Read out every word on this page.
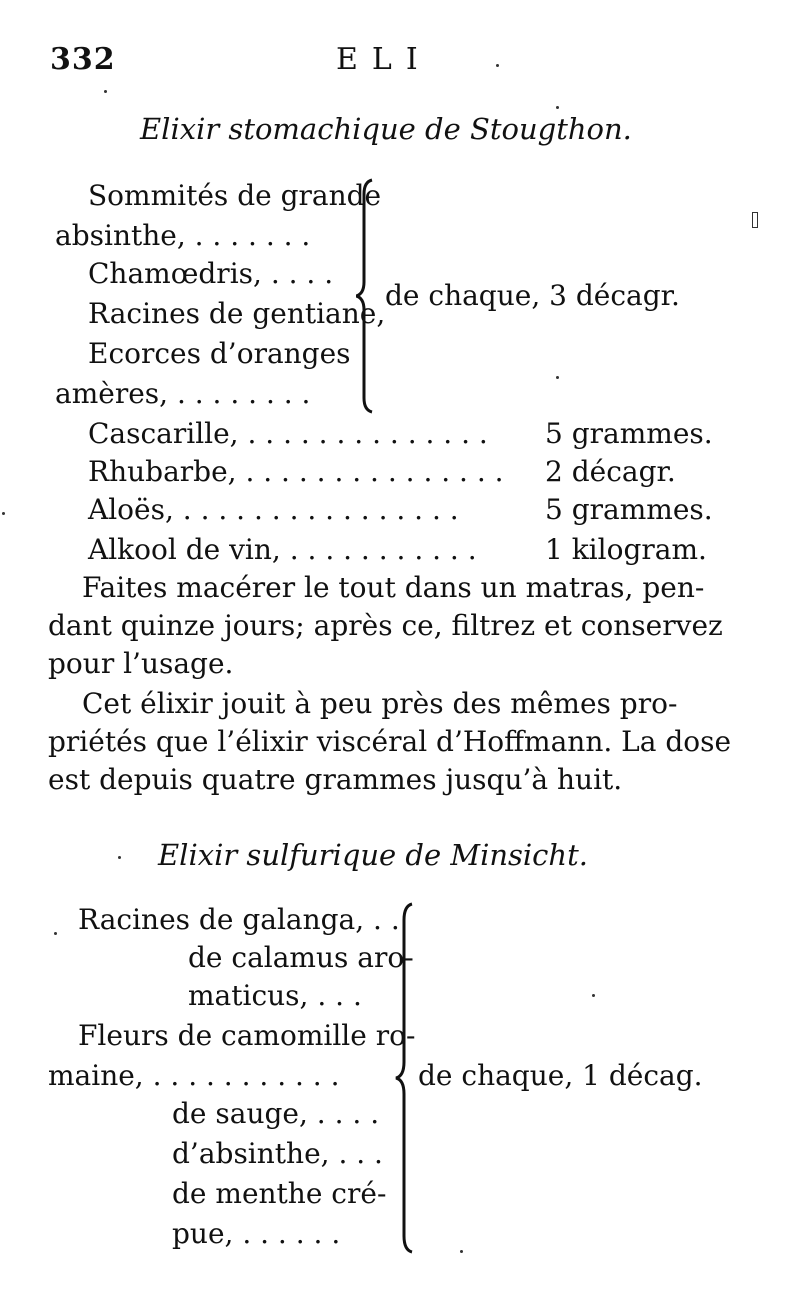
332	ELI
Elixir stomachique de Stougthon.
Sommités de grande
absinthe, . . . . . . .
Chamœdris, . . . .
Racines de gentiane,
Ecorces d’oranges
amères, . . . . . . . .
de chaque, 3 décagr.
Cascarille, . . . . . . . . . . . . . . 5 grammes.
Rhubarbe, . . . . . . . . . . . . . . . 2 décagr.
Aloës, . . . . . . . . . . . . . . . .	5 grammes.
Alkool de vin, . . . . . . . . . . . 1 kilogram.
Faites macérer le tout dans un matras, pen-
dant quinze jours; après ce, filtrez et conservez
pour l’usage.
Cet élixir jouit à peu près des mêmes pro-
priétés que l’élixir viscéral d’Hoffmann. La dose
est depuis quatre grammes jusqu’à huit.
Elixir sulfurique de Minsicht.
Racines de galanga, . .
de calamus aro-
maticus, . . .
Fleurs de camomille ro-
maine, . . . . . . . . . . .
de sauge, . . . .
d’absinthe, . . .
de menthe cré-
pue, . . . . . .
de chaque, 1 décag.
